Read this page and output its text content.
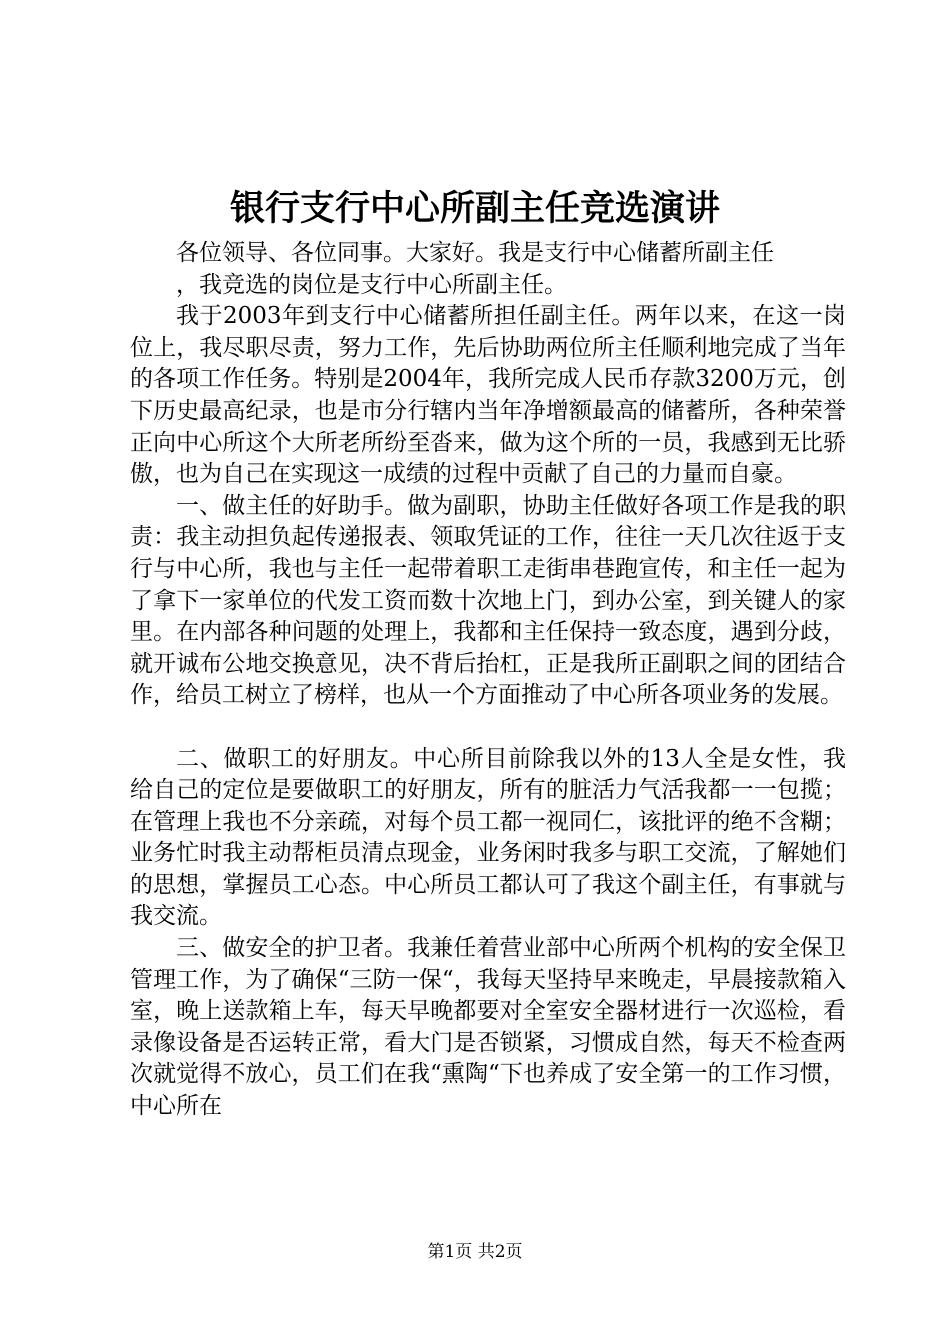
银行支行中心所副主任竞选演讲

各位领导、各位同事。大家好。我是支行中心储蓄所副主任

，我竞选的岗位是支行中心所副主任。

我于2003年到支行中心储蓄所担任副主任。两年以来，在这一岗位上，我尽职尽责，努力工作，先后协助两位所主任顺利地完成了当年的各项工作任务。特别是2004年，我所完成人民币存款3200万元，创下历史最高纪录，也是市分行辖内当年净增额最高的储蓄所，各种荣誉正向中心所这个大所老所纷至沓来，做为这个所的一员，我感到无比骄傲，也为自己在实现这一成绩的过程中贡献了自己的力量而自豪。

一、做主任的好助手。做为副职，协助主任做好各项工作是我的职责：我主动担负起传递报表、领取凭证的工作，往往一天几次往返于支行与中心所，我也与主任一起带着职工走街串巷跑宣传，和主任一起为了拿下一家单位的代发工资而数十次地上门，到办公室，到关键人的家里。在内部各种问题的处理上，我都和主任保持一致态度，遇到分歧，就开诚布公地交换意见，决不背后抬杠，正是我所正副职之间的团结合作，给员工树立了榜样，也从一个方面推动了中心所各项业务的发展。

二、做职工的好朋友。中心所目前除我以外的13人全是女性，我给自己的定位是要做职工的好朋友，所有的脏活力气活我都一一包揽；在管理上我也不分亲疏，对每个员工都一视同仁，该批评的绝不含糊；业务忙时我主动帮柜员清点现金，业务闲时我多与职工交流，了解她们的思想，掌握员工心态。中心所员工都认可了我这个副主任，有事就与我交流。

三、做安全的护卫者。我兼任着营业部中心所两个机构的安全保卫管理工作，为了确保“三防一保“，我每天坚持早来晚走，早晨接款箱入室，晚上送款箱上车，每天早晚都要对全室安全器材进行一次巡检，看录像设备是否运转正常，看大门是否锁紧，习惯成自然，每天不检查两次就觉得不放心，员工们在我“熏陶“下也养成了安全第一的工作习惯，中心所在

第1页 共2页
